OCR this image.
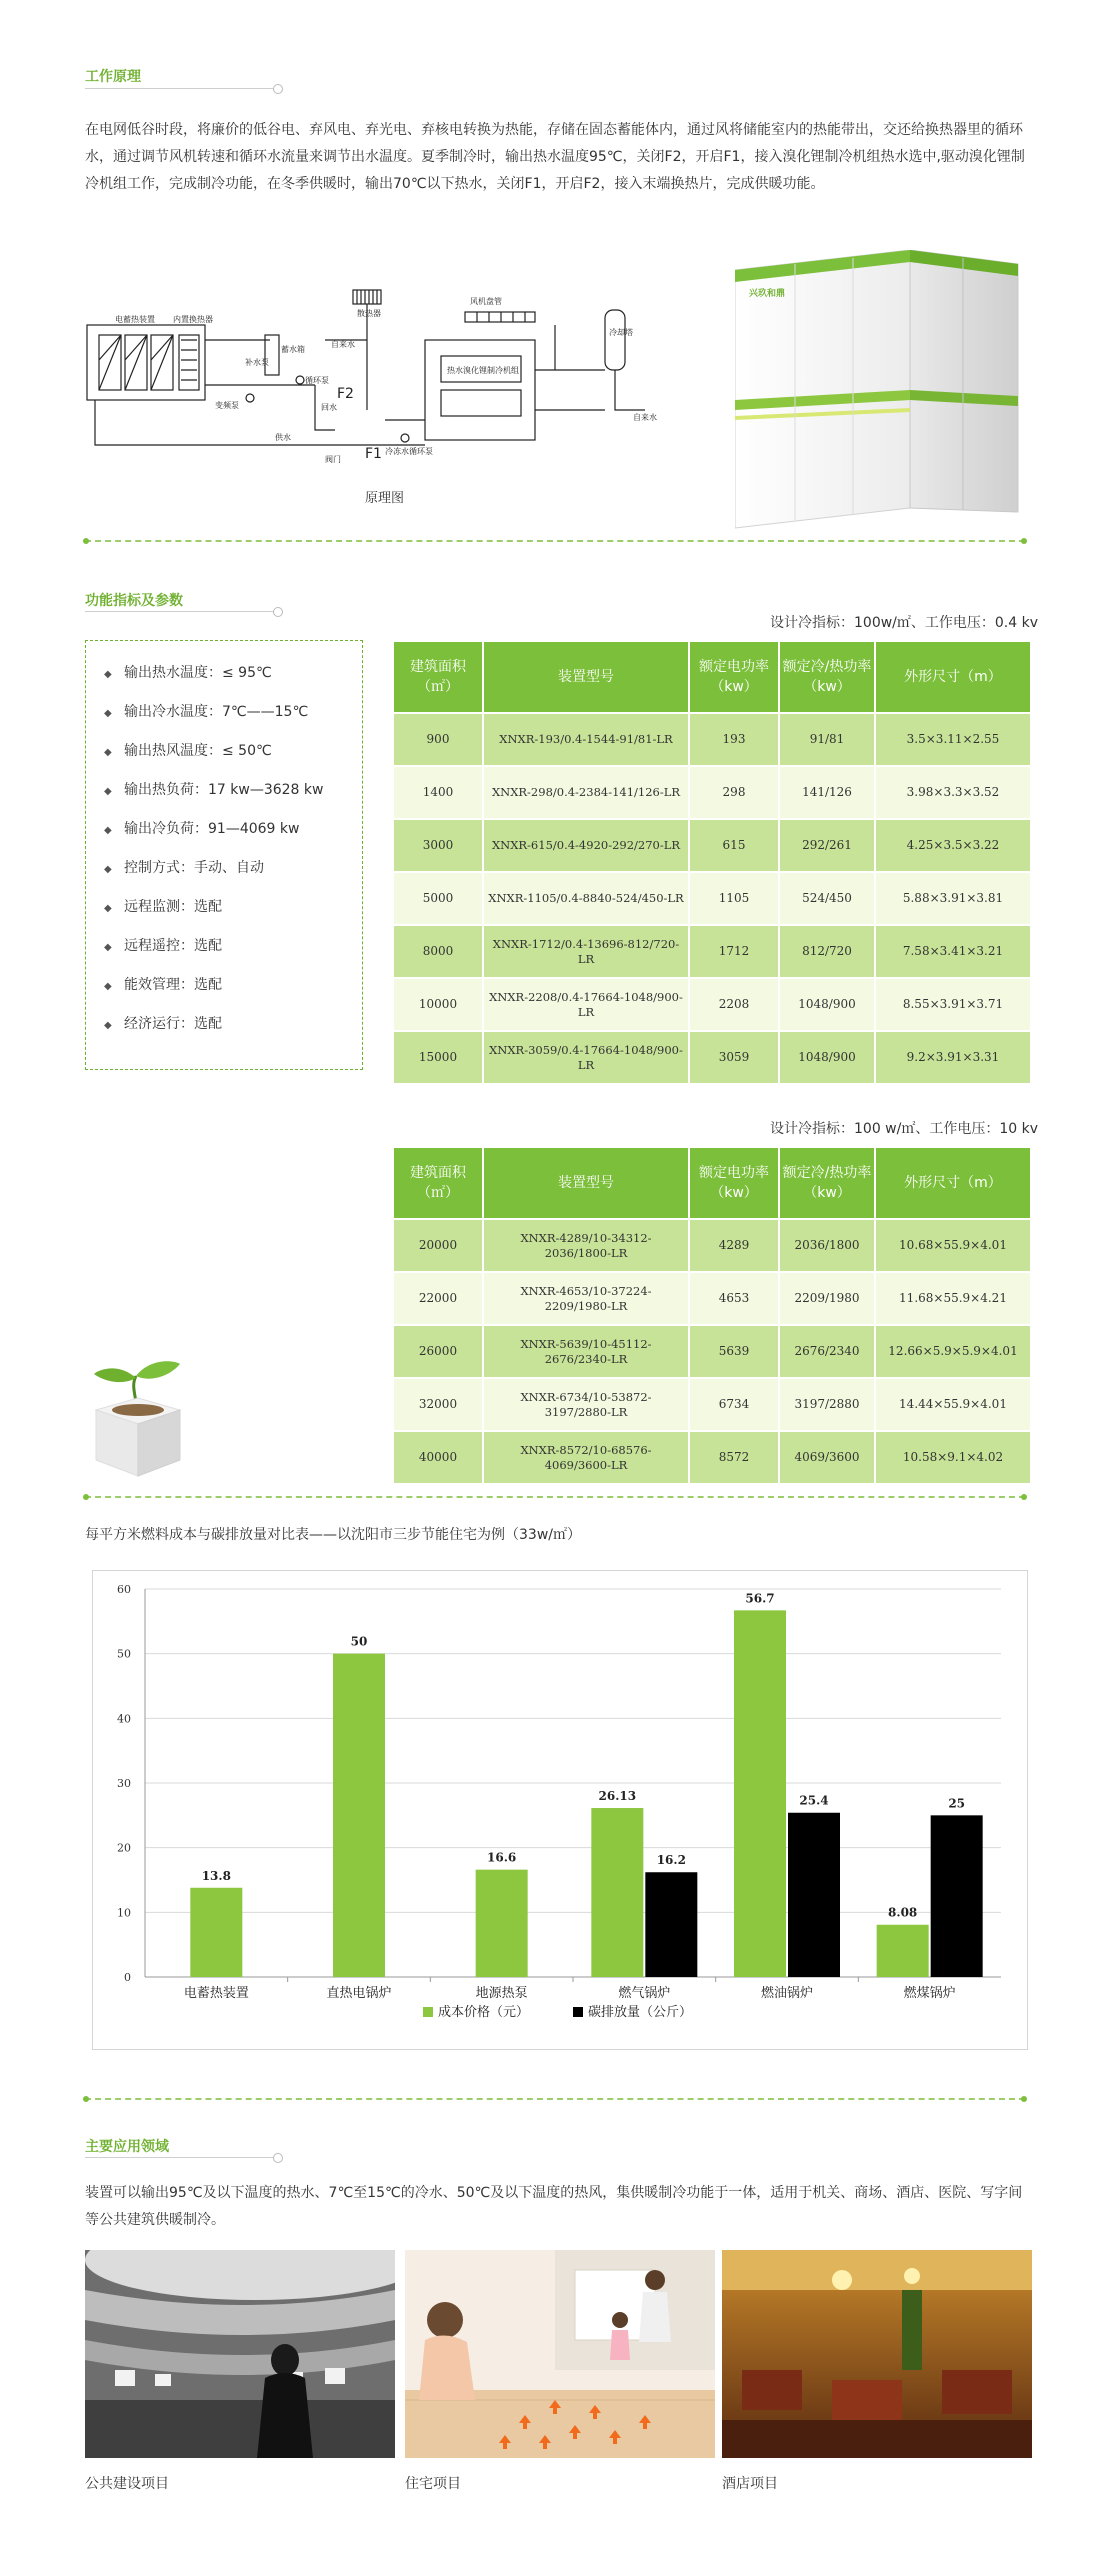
工作原理
在电网低谷时段，将廉价的低谷电、弃风电、弃光电、弃核电转换为热能，存储在固态蓄能体内，通过风将储能室内的热能带出，交还给换热器里的循环水，通过调节风机转速和循环水流量来调节出水温度。夏季制冷时，输出热水温度95℃，关闭F2，开启F1，接入溴化锂制冷机组热水选中,驱动溴化锂制冷机组工作，完成制冷功能，在冬季供暖时，输出70℃以下热水，关闭F1，开启F2，接入末端换热片，完成供暖功能。
电蓄热装置 内置换热器
蓄水箱
补水泵
变频泵
循环泵
散热器
自来水
F2
回水
供水
F1
阀门
热水溴化锂制冷机组
冷冻水循环泵
风机盘管
冷却塔
自来水
原理图
兴玖和鼎
功能指标及参数
◆ 输出热水温度：≤ 95℃
◆ 输出冷水温度：7℃——15℃
◆ 输出热风温度：≤ 50℃
◆ 输出热负荷：17 kw—3628 kw
◆ 输出冷负荷：91—4069 kw
◆ 控制方式：手动、自动
◆ 远程监测：选配
◆ 远程遥控：选配
◆ 能效管理：选配
◆ 经济运行：选配
设计冷指标：100w/㎡、工作电压：0.4 kv
建筑面积（㎡）	装置型号	额定电功率（kw）	额定冷/热功率（kw）	外形尺寸（m）
900	XNXR-193/0.4-1544-91/81-LR	193	91/81	3.5×3.11×2.55
1400	XNXR-298/0.4-2384-141/126-LR	298	141/126	3.98×3.3×3.52
3000	XNXR-615/0.4-4920-292/270-LR	615	292/261	4.25×3.5×3.22
5000	XNXR-1105/0.4-8840-524/450-LR	1105	524/450	5.88×3.91×3.81
8000	XNXR-1712/0.4-13696-812/720-LR	1712	812/720	7.58×3.41×3.21
10000	XNXR-2208/0.4-17664-1048/900-LR	2208	1048/900	8.55×3.91×3.71
15000	XNXR-3059/0.4-17664-1048/900-LR	3059	1048/900	9.2×3.91×3.31
设计冷指标：100 w/㎡、工作电压：10 kv
建筑面积（㎡）	装置型号	额定电功率（kw）	额定冷/热功率（kw）	外形尺寸（m）
20000	XNXR-4289/10-34312-2036/1800-LR	4289	2036/1800	10.68×55.9×4.01
22000	XNXR-4653/10-37224-2209/1980-LR	4653	2209/1980	11.68×55.9×4.21
26000	XNXR-5639/10-45112-2676/2340-LR	5639	2676/2340	12.66×5.9×5.9×4.01
32000	XNXR-6734/10-53872-3197/2880-LR	6734	3197/2880	14.44×55.9×4.01
40000	XNXR-8572/10-68576-4069/3600-LR	8572	4069/3600	10.58×9.1×4.02
每平方米燃料成本与碳排放量对比表——以沈阳市三步节能住宅为例（33w/㎡）
0
10
20
30
40
50
60
电蓄热装置
13.8
直热电锅炉
50
地源热泵
16.6
燃气锅炉
26.13
16.2
燃油锅炉
56.7
25.4
燃煤锅炉
8.08
25
成本价格（元）	碳排放量（公斤）
主要应用领域
装置可以输出95℃及以下温度的热水、7℃至15℃的冷水、50℃及以下温度的热风，集供暖制冷功能于一体，适用于机关、商场、酒店、医院、写字间等公共建筑供暖制冷。
公共建设项目	住宅项目	酒店项目
